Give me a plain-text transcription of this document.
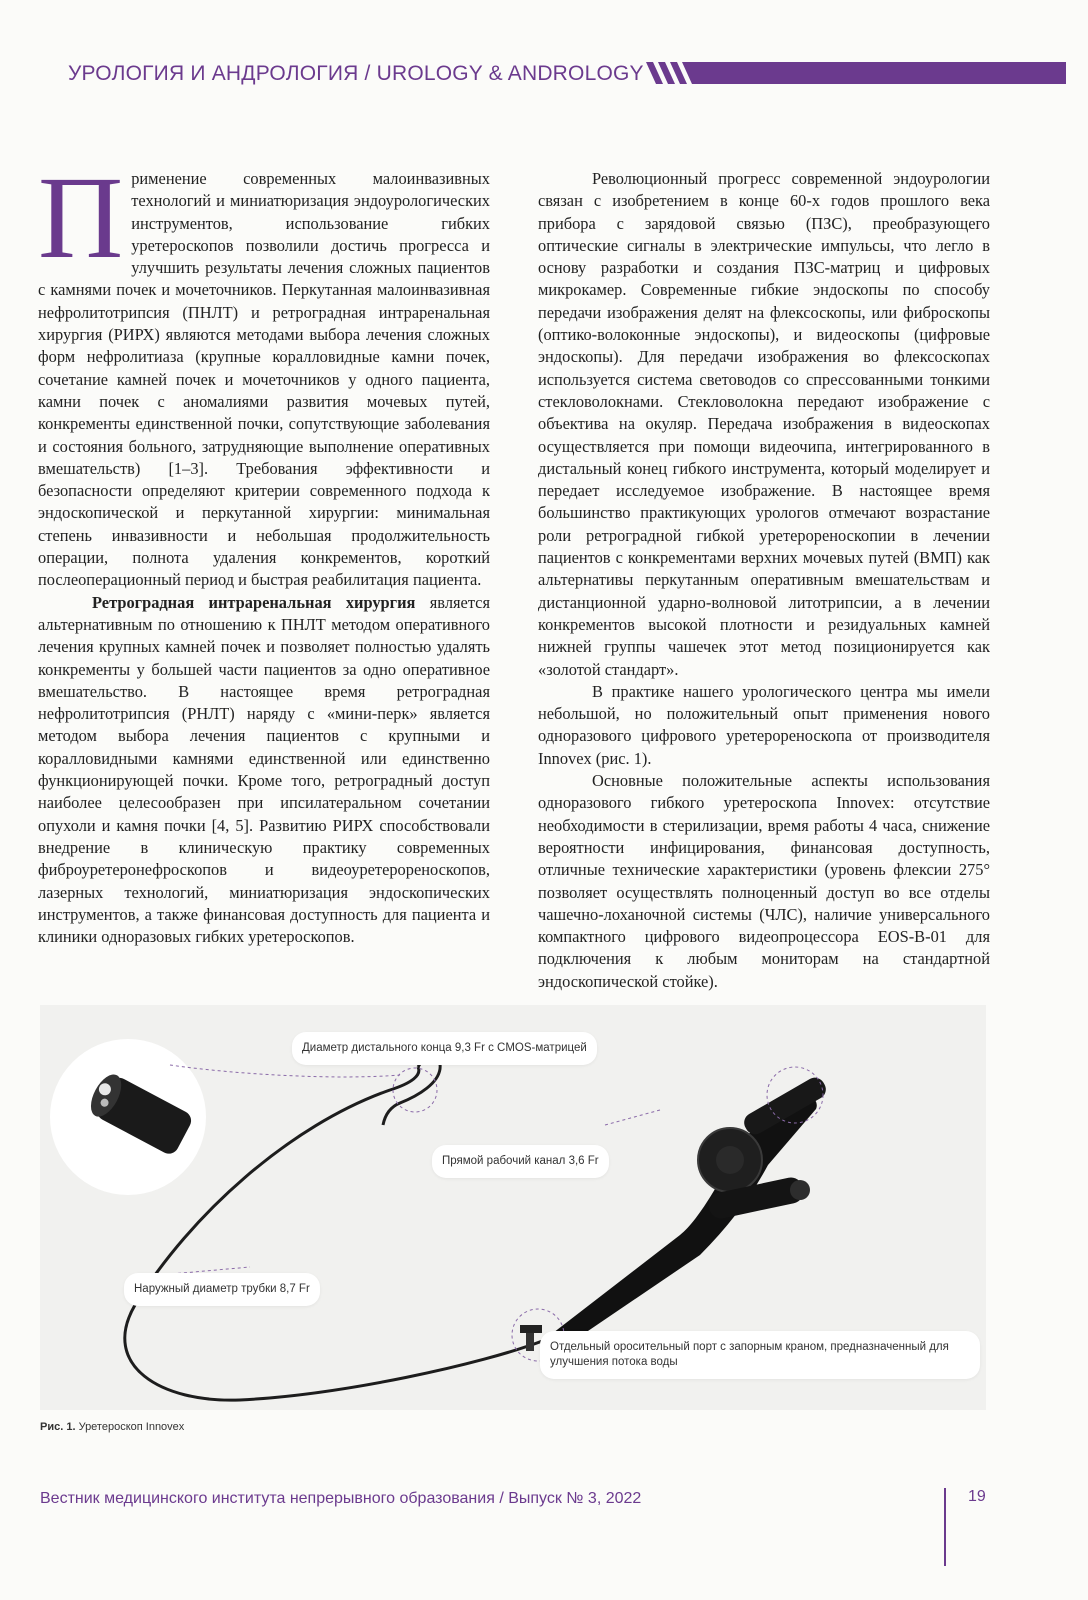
УРОЛОГИЯ И АНДРОЛОГИЯ / UROLOGY & ANDROLOGY

Применение современных малоинвазивных технологий и миниатюризация эндоурологических инструментов, использование гибких уретероскопов позволили достичь прогресса и улучшить результаты лечения сложных пациентов с камнями почек и мочеточников. Перкутанная малоинвазивная нефролитотрипсия (ПНЛТ) и ретроградная интраренальная хирургия (РИРХ) являются методами выбора лечения сложных форм нефролитиаза (крупные коралловидные камни почек, сочетание камней почек и мочеточников у одного пациента, камни почек с аномалиями развития мочевых путей, конкременты единственной почки, сопутствующие заболевания и состояния больного, затрудняющие выполнение оперативных вмешательств) [1–3]. Требования эффективности и безопасности определяют критерии современного подхода к эндоскопической и перкутанной хирургии: минимальная степень инвазивности и небольшая продолжительность операции, полнота удаления конкрементов, короткий послеоперационный период и быстрая реабилитация пациента.

Ретроградная интраренальная хирургия является альтернативным по отношению к ПНЛТ методом оперативного лечения крупных камней почек и позволяет полностью удалять конкременты у большей части пациентов за одно оперативное вмешательство. В настоящее время ретроградная нефролитотрипсия (РНЛТ) наряду с «мини-перк» является методом выбора лечения пациентов с крупными и коралловидными камнями единственной или единственно функционирующей почки. Кроме того, ретроградный доступ наиболее целесообразен при ипсилатеральном сочетании опухоли и камня почки [4, 5]. Развитию РИРХ способствовали внедрение в клиническую практику современных фиброуретеронефроскопов и видеоуретерореноскопов, лазерных технологий, миниатюризация эндоскопических инструментов, а также финансовая доступность для пациента и клиники одноразовых гибких уретероскопов.

Революционный прогресс современной эндоурологии связан с изобретением в конце 60-х годов прошлого века прибора с зарядовой связью (ПЗС), преобразующего оптические сигналы в электрические импульсы, что легло в основу разработки и создания ПЗС-матриц и цифровых микрокамер. Современные гибкие эндоскопы по способу передачи изображения делят на флексоскопы, или фиброскопы (оптико-волоконные эндоскопы), и видеоскопы (цифровые эндоскопы). Для передачи изображения во флексоскопах используется система световодов со спрессованными тонкими стекловолокнами. Стекловолокна передают изображение с объектива на окуляр. Передача изображения в видеоскопах осуществляется при помощи видеочипа, интегрированного в дистальный конец гибкого инструмента, который моделирует и передает исследуемое изображение. В настоящее время большинство практикующих урологов отмечают возрастание роли ретроградной гибкой уретерореноскопии в лечении пациентов с конкрементами верхних мочевых путей (ВМП) как альтернативы перкутанным оперативным вмешательствам и дистанционной ударно-волновой литотрипсии, а в лечении конкрементов высокой плотности и резидуальных камней нижней группы чашечек этот метод позиционируется как «золотой стандарт».

В практике нашего урологического центра мы имели небольшой, но положительный опыт применения нового одноразового цифрового уретерореноскопа от производителя Innovex (рис. 1).

Основные положительные аспекты использования одноразового гибкого уретероскопа Innovex: отсутствие необходимости в стерилизации, время работы 4 часа, снижение вероятности инфицирования, финансовая доступность, отличные технические характеристики (уровень флексии 275° позволяет осуществлять полноценный доступ во все отделы чашечно-лоханочной системы (ЧЛС), наличие универсального компактного цифрового видеопроцессора EOS-B-01 для подключения к любым мониторам на стандартной эндоскопической стойке).

Диаметр дистального конца 9,3 Fr с CMOS-матрицей
Прямой рабочий канал 3,6 Fr
Наружный диаметр трубки 8,7 Fr
Отдельный оросительный порт с запорным краном, предназначенный для улучшения потока воды
Рис. 1. Уретероскоп Innovex
Вестник медицинского института непрерывного образования / Выпуск № 3, 2022	19
